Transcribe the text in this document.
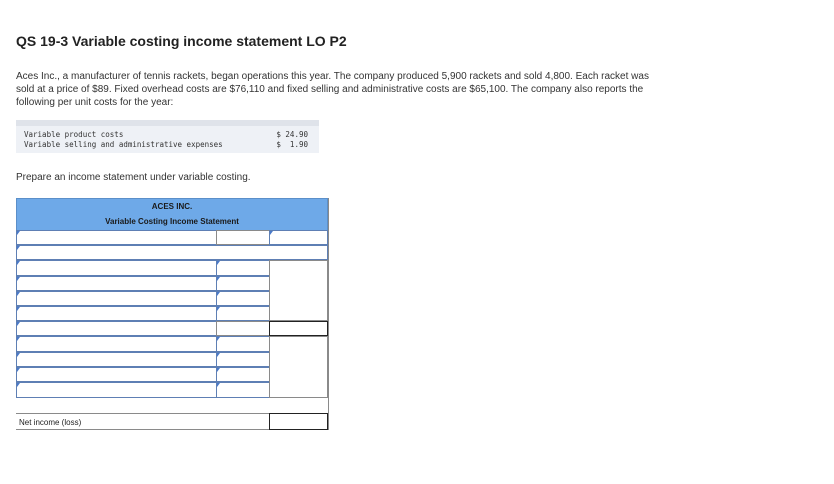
QS 19-3 Variable costing income statement LO P2
Aces Inc., a manufacturer of tennis rackets, began operations this year. The company produced 5,900 rackets and sold 4,800. Each racket was sold at a price of $89. Fixed overhead costs are $76,110 and fixed selling and administrative costs are $65,100. The company also reports the following per unit costs for the year:
Variable product costs	$ 24.90
Variable selling and administrative expenses	$  1.90
Prepare an income statement under variable costing.
ACES INC.
Variable Costing Income Statement
Net income (loss)
